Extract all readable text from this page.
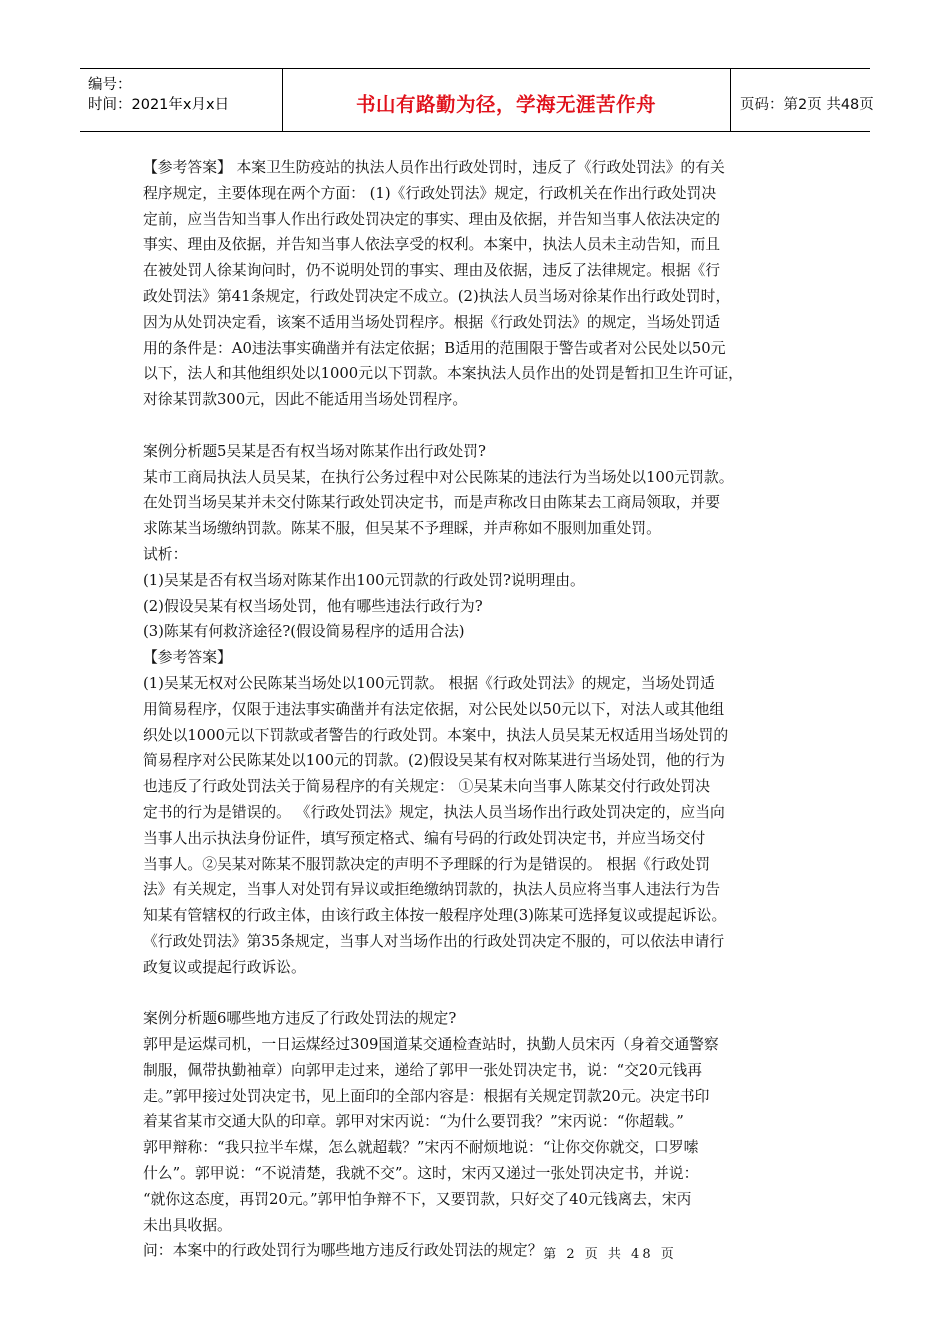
编号：
时间：2021年x月x日	书山有路勤为径，学海无涯苦作舟	页码：第2页 共48页
【参考答案】 本案卫生防疫站的执法人员作出行政处罚时，违反了《行政处罚法》的有关
程序规定，主要体现在两个方面： (1)《行政处罚法》规定，行政机关在作出行政处罚决
定前，应当告知当事人作出行政处罚决定的事实、理由及依据，并告知当事人依法决定的
事实、理由及依据，并告知当事人依法享受的权利。本案中，执法人员未主动告知，而且
在被处罚人徐某询问时，仍不说明处罚的事实、理由及依据，违反了法律规定。根据《行
政处罚法》第41条规定，行政处罚决定不成立。(2)执法人员当场对徐某作出行政处罚时，
因为从处罚决定看，该案不适用当场处罚程序。根据《行政处罚法》的规定，当场处罚适
用的条件是：A0违法事实确凿并有法定依据；B适用的范围限于警告或者对公民处以50元
以下，法人和其他组织处以1000元以下罚款。本案执法人员作出的处罚是暂扣卫生许可证，
对徐某罚款300元，因此不能适用当场处罚程序。
案例分析题5吴某是否有权当场对陈某作出行政处罚?
某市工商局执法人员吴某，在执行公务过程中对公民陈某的违法行为当场处以100元罚款。
在处罚当场吴某并未交付陈某行政处罚决定书，而是声称改日由陈某去工商局领取，并要
求陈某当场缴纳罚款。陈某不服，但吴某不予理睬，并声称如不服则加重处罚。
试析：
(1)吴某是否有权当场对陈某作出100元罚款的行政处罚?说明理由。
(2)假设吴某有权当场处罚，他有哪些违法行政行为?
(3)陈某有何救济途径?(假设简易程序的适用合法)
【参考答案】
(1)吴某无权对公民陈某当场处以100元罚款。 根据《行政处罚法》的规定，当场处罚适
用简易程序，仅限于违法事实确凿并有法定依据，对公民处以50元以下，对法人或其他组
织处以1000元以下罚款或者警告的行政处罚。本案中，执法人员吴某无权适用当场处罚的
简易程序对公民陈某处以100元的罚款。(2)假设吴某有权对陈某进行当场处罚，他的行为
也违反了行政处罚法关于简易程序的有关规定： ①吴某未向当事人陈某交付行政处罚决
定书的行为是错误的。 《行政处罚法》规定，执法人员当场作出行政处罚决定的，应当向
当事人出示执法身份证件，填写预定格式、编有号码的行政处罚决定书，并应当场交付
当事人。②吴某对陈某不服罚款决定的声明不予理睬的行为是错误的。 根据《行政处罚
法》有关规定，当事人对处罚有异议或拒绝缴纳罚款的，执法人员应将当事人违法行为告
知某有管辖权的行政主体，由该行政主体按一般程序处理(3)陈某可选择复议或提起诉讼。
《行政处罚法》第35条规定，当事人对当场作出的行政处罚决定不服的，可以依法申请行
政复议或提起行政诉讼。
案例分析题6哪些地方违反了行政处罚法的规定?
郭甲是运煤司机，一日运煤经过309国道某交通检查站时，执勤人员宋丙（身着交通警察
制服，佩带执勤袖章）向郭甲走过来，递给了郭甲一张处罚决定书，说：“交20元钱再
走。”郭甲接过处罚决定书，见上面印的全部内容是：根据有关规定罚款20元。决定书印
着某省某市交通大队的印章。郭甲对宋丙说：“为什么要罚我？”宋丙说：“你超载。”
郭甲辩称：“我只拉半车煤，怎么就超载？”宋丙不耐烦地说：“让你交你就交，口罗嗦
什么”。郭甲说：“不说清楚，我就不交”。这时，宋丙又递过一张处罚决定书，并说：
“就你这态度，再罚20元。”郭甲怕争辩不下，又要罚款，只好交了40元钱离去，宋丙
未出具收据。
问：本案中的行政处罚行为哪些地方违反行政处罚法的规定？ 第 2 页 共 48 页
